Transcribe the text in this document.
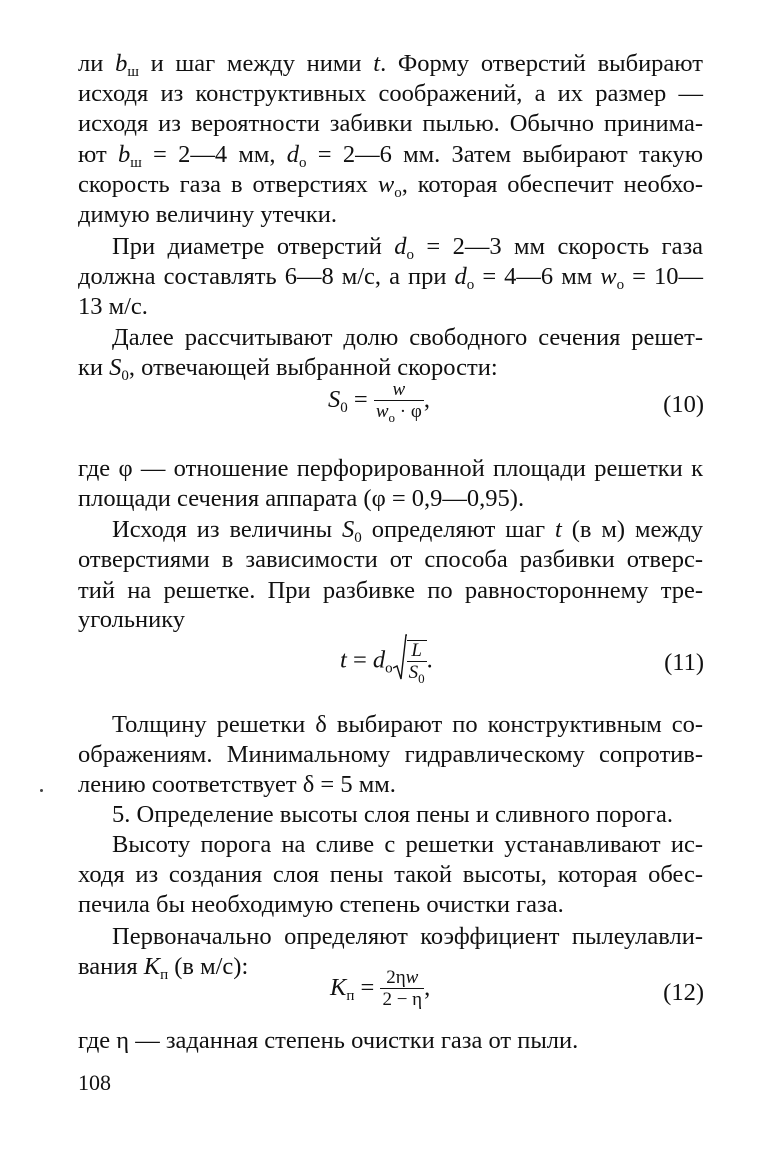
ли $b_ш$ и шаг между ними t. Форму отверстий выбирают
исходя из конструктивных соображений, а их размер —
исходя из вероятности забивки пылью. Обычно принима-
ют $b_ш$ = 2—4 мм, $d_o$ = 2—6 мм. Затем выбирают такую
скорость газа в отверстиях $w_o$, которая обеспечит необхо-
димую величину утечки.
При диаметре отверстий $d_o$ = 2—3 мм скорость газа
должна составлять 6—8 м/с, а при $d_o$ = 4—6 мм $w_o$ = 10—
13 м/с.
Далее рассчитывают долю свободного сечения решет-
ки $S_0$, отвечающей выбранной скорости:
$S_0 = \frac{w}{w_o \cdot \varphi}$ ,	(10)
где φ — отношение перфорированной площади решетки к
площади сечения аппарата (φ = 0,9—0,95).
Исходя из величины $S_0$ определяют шаг t (в м) между
отверстиями в зависимости от способа разбивки отверс-
тий на решетке. При разбивке по равностороннему тре-
угольнику
$t = d_o \frac{L}{S_0}$ .	(11)
Толщину решетки δ выбирают по конструктивным со-
ображениям. Минимальному гидравлическому сопротив-
лению соответствует δ = 5 мм.
5. Определение высоты слоя пены и сливного порога.
Высоту порога на сливе с решетки устанавливают ис-
ходя из создания слоя пены такой высоты, которая обес-
печила бы необходимую степень очистки газа.
Первоначально определяют коэффициент пылеулавли-
вания $K_п$ (в м/с):
$K_п = \frac{2\eta w}{2 - \eta}$ ,	(12)
где η — заданная степень очистки газа от пыли.
108
